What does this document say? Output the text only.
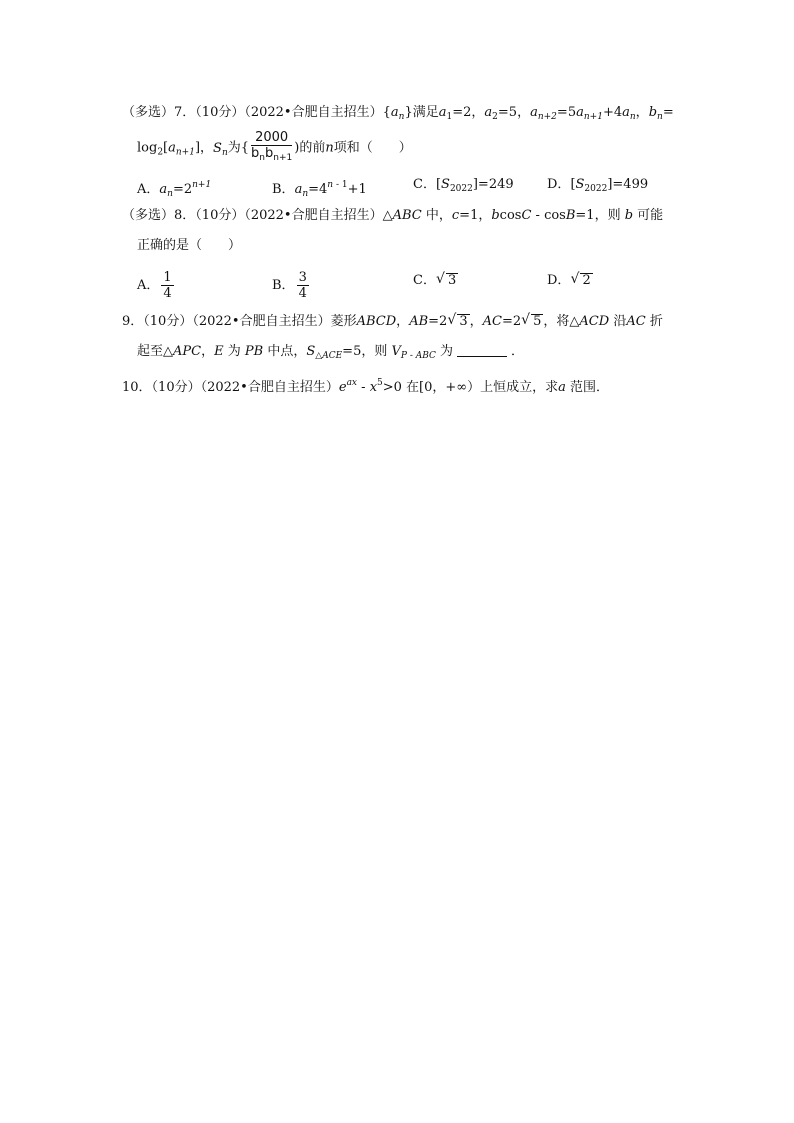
（多选）7．（10分）（2022•合肥自主招生）$\{a_n\}$满足$a_1=2$，$a_2=5$，$a_{n+2}=5a_{n+1}+4a_n$，$b_n=$
$\log_2[a_{n+1}]$，$S_n$为{ $\frac{2000}{b_nb_{n+1}}$ )的前n项和（　　）
A．$a_n=2^{n+1}$	B．$a_n=4^{n - 1}+1$	C．$[S_{2022}]=249$	D．$[S_{2022}]=499$
（多选）8．（10分）（2022•合肥自主招生）△ABC 中，c=1，bcosC - cosB=1，则 b 可能
正确的是（　　）
A． $\frac{1}{4}$	B． $\frac{3}{4}$	C． √ 3	D． √ 2
9．（10分）（2022•合肥自主招生）菱形ABCD，AB=2 √ 3 ，AC=2 √ 5 ，将△ACD 沿AC 折
起至△APC，E 为 PB 中点，$S_{\triangle ACE}=5$，则 $V_{P - ABC}$ 为	．
10．（10分）（2022•合肥自主招生）$e^{ax} - x^5>0$ 在[0，+∞）上恒成立，求a 范围．
